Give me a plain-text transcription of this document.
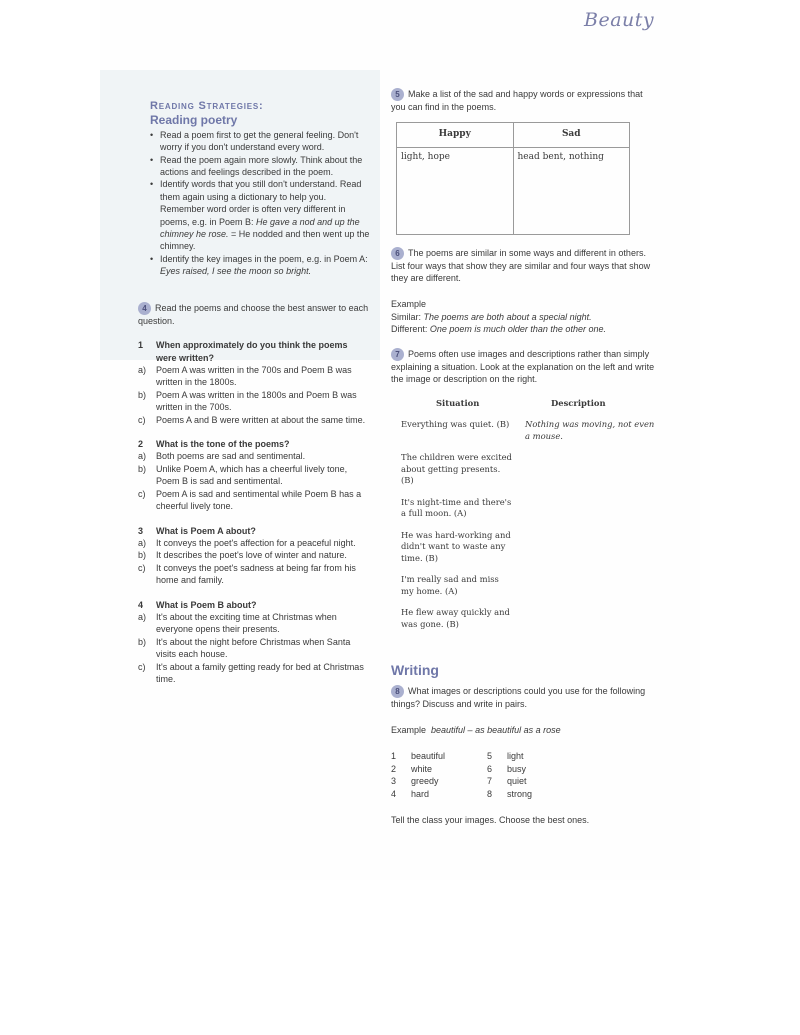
Beauty
Reading Strategies:
Reading poetry
• Read a poem first to get the general feeling. Don't worry if you don't understand every word.
• Read the poem again more slowly. Think about the actions and feelings described in the poem.
• Identify words that you still don't understand. Read them again using a dictionary to help you. Remember word order is often very different in poems, e.g. in Poem B: He gave a nod and up the chimney he rose. = He nodded and then went up the chimney.
• Identify the key images in the poem, e.g. in Poem A: Eyes raised, I see the moon so bright.

4 Read the poems and choose the best answer to each question.

1	When approximately do you think the poems were written?
a)	Poem A was written in the 700s and Poem B was written in the 1800s.
b)	Poem A was written in the 1800s and Poem B was written in the 700s.
c)	Poems A and B were written at about the same time.
2	What is the tone of the poems?
a)	Both poems are sad and sentimental.
b)	Unlike Poem A, which has a cheerful lively tone, Poem B is sad and sentimental.
c)	Poem A is sad and sentimental while Poem B has a cheerful lively tone.
3	What is Poem A about?
a)	It conveys the poet's affection for a peaceful night.
b)	It describes the poet's love of winter and nature.
c)	It conveys the poet's sadness at being far from his home and family.
4	What is Poem B about?
a)	It's about the exciting time at Christmas when everyone opens their presents.
b)	It's about the night before Christmas when Santa visits each house.
c)	It's about a family getting ready for bed at Christmas time.

5 Make a list of the sad and happy words or expressions that you can find in the poems.

Happy	Sad
light, hope	head bent, nothing

6 The poems are similar in some ways and different in others. List four ways that show they are similar and four ways that show they are different.

Example
Similar: The poems are both about a special night.
Different: One poem is much older than the other one.

7 Poems often use images and descriptions rather than simply explaining a situation. Look at the explanation on the left and write the image or description on the right.

Situation	Description
Everything was quiet. (B)	Nothing was moving, not even a mouse.
The children were excited about getting presents. (B)
It's night-time and there's a full moon. (A)
He was hard-working and didn't want to waste any time. (B)
I'm really sad and miss my home. (A)
He flew away quickly and was gone. (B)
Writing

8 What images or descriptions could you use for the following things? Discuss and write in pairs.

Example beautiful – as beautiful as a rose
1	beautiful	5	light
2	white	6	busy
3	greedy	7	quiet
4	hard	8	strong
Tell the class your images. Choose the best ones.
